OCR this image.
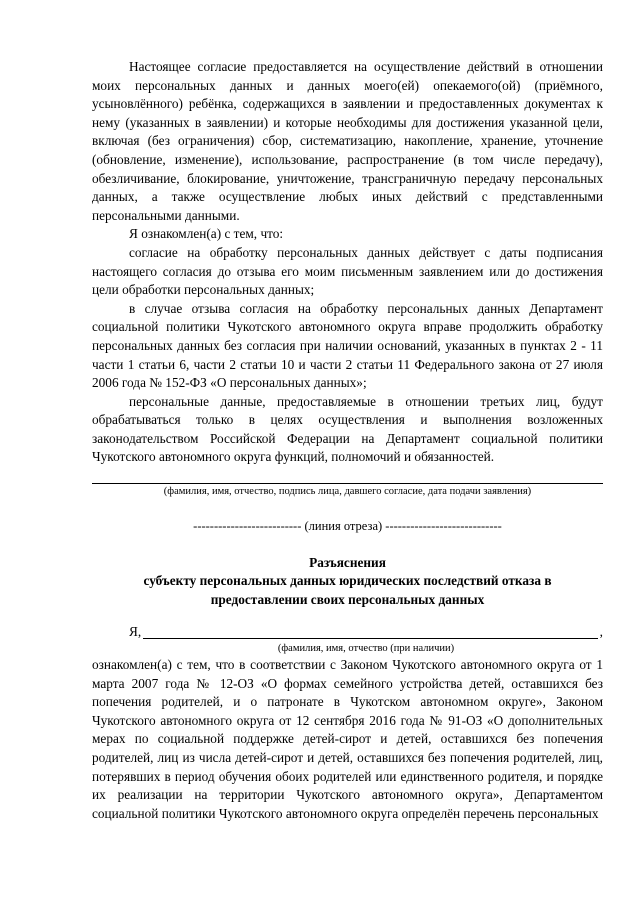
Настоящее согласие предоставляется на осуществление действий в отношении моих персональных данных и данных моего(ей) опекаемого(ой) (приёмного, усыновлённого) ребёнка, содержащихся в заявлении и предоставленных документах к нему (указанных в заявлении) и которые необходимы для достижения указанной цели, включая (без ограничения) сбор, систематизацию, накопление, хранение, уточнение (обновление, изменение), использование, распространение (в том числе передачу), обезличивание, блокирование, уничтожение, трансграничную передачу персональных данных, а также осуществление любых иных действий с представленными персональными данными.

Я ознакомлен(а) с тем, что:

согласие на обработку персональных данных действует с даты подписания настоящего согласия до отзыва его моим письменным заявлением или до достижения цели обработки персональных данных;

в случае отзыва согласия на обработку персональных данных Департамент социальной политики Чукотского автономного округа вправе продолжить обработку персональных данных без согласия при наличии оснований, указанных в пунктах 2 - 11 части 1 статьи 6, части 2 статьи 10 и части 2 статьи 11 Федерального закона от 27 июля 2006 года № 152-ФЗ «О персональных данных»;

персональные данные, предоставляемые в отношении третьих лиц, будут обрабатываться только в целях осуществления и выполнения возложенных законодательством Российской Федерации на Департамент социальной политики Чукотского автономного округа функций, полномочий и обязанностей.

(фамилия, имя, отчество, подпись лица, давшего согласие, дата подачи заявления)
-------------------------- (линия отреза) ----------------------------
Разъяснения
субъекту персональных данных юридических последствий отказа в
предоставлении своих персональных данных
Я,	,
(фамилия, имя, отчество (при наличии)

ознакомлен(а) с тем, что в соответствии с Законом Чукотского автономного округа от 1 марта 2007 года № 12-ОЗ «О формах семейного устройства детей, оставшихся без попечения родителей, и о патронате в Чукотском автономном округе», Законом Чукотского автономного округа от 12 сентября 2016 года № 91-ОЗ «О дополнительных мерах по социальной поддержке детей-сирот и детей, оставшихся без попечения родителей, лиц из числа детей-сирот и детей, оставшихся без попечения родителей, лиц, потерявших в период обучения обоих родителей или единственного родителя, и порядке их реализации на территории Чукотского автономного округа», Департаментом социальной политики Чукотского автономного округа определён перечень персональных
